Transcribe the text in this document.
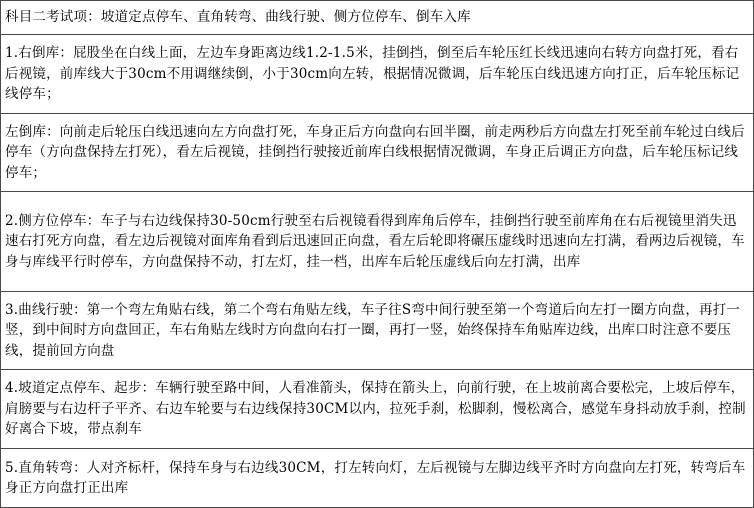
科目二考试项：坡道定点停车、直角转弯、曲线行驶、侧方位停车、倒车入库
1.右倒库：屁股坐在白线上面，左边车身距离边线1.2-1.5米，挂倒挡，倒至后车轮压红长线迅速向右转方向盘打死，看右后视镜，前库线大于30cm不用调继续倒，小于30cm向左转，根据情况微调，后车轮压白线迅速方向打正，后车轮压标记线停车；
左倒库：向前走后轮压白线迅速向左方向盘打死，车身正后方向盘向右回半圈，前走两秒后方向盘左打死至前车轮过白线后停车（方向盘保持左打死），看左后视镜，挂倒挡行驶接近前库白线根据情况微调，车身正后调正方向盘，后车轮压标记线停车；
2.侧方位停车：车子与右边线保持30-50cm行驶至右后视镜看得到库角后停车，挂倒挡行驶至前库角在右后视镜里消失迅速右打死方向盘，看左边后视镜对面库角看到后迅速回正向盘，看左后轮即将碾压虚线时迅速向左打满，看两边后视镜，车身与库线平行时停车，方向盘保持不动，打左灯，挂一档，出库车后轮压虚线后向左打满，出库
3.曲线行驶：第一个弯左角贴右线，第二个弯右角贴左线，车子往S弯中间行驶至第一个弯道后向左打一圈方向盘，再打一竖，到中间时方向盘回正，车右角贴左线时方向盘向右打一圈，再打一竖，始终保持车角贴库边线，出库口时注意不要压线，提前回方向盘
4.坡道定点停车、起步：车辆行驶至路中间，人看准箭头，保持在箭头上，向前行驶，在上坡前离合要松完，上坡后停车，肩膀要与右边杆子平齐、右边车轮要与右边线保持30CM以内，拉死手刹，松脚刹，慢松离合，感觉车身抖动放手刹，控制好离合下坡，带点刹车
5.直角转弯：人对齐标杆，保持车身与右边线30CM，打左转向灯，左后视镜与左脚边线平齐时方向盘向左打死，转弯后车身正方向盘打正出库
